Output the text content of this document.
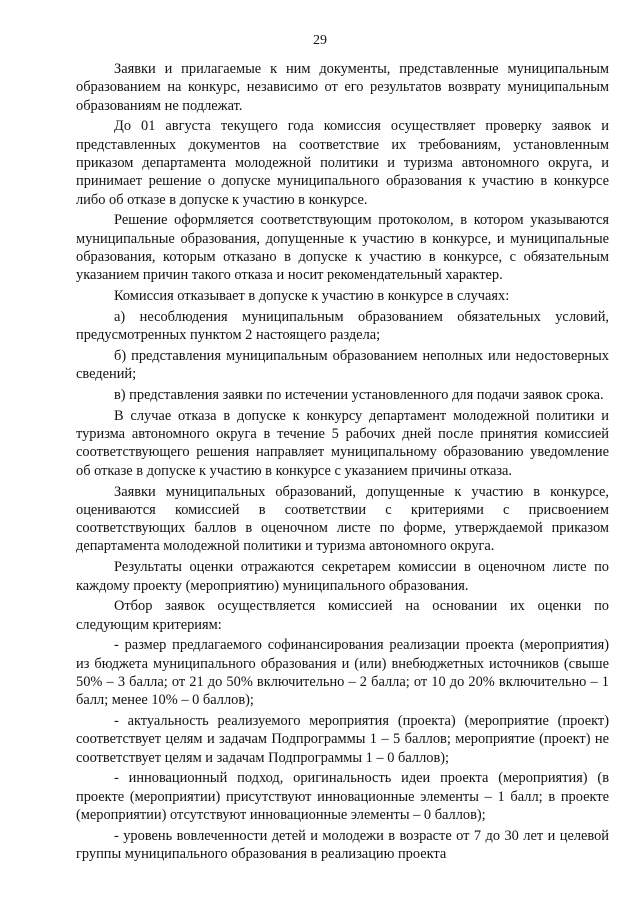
29

Заявки и прилагаемые к ним документы, представленные муниципальным образованием на конкурс, независимо от его результатов возврату муниципальным образованиям не подлежат.

До 01 августа текущего года комиссия осуществляет проверку заявок и представленных документов на соответствие их требованиям, установленным приказом департамента молодежной политики и туризма автономного округа, и принимает решение о допуске муниципального образования к участию в конкурсе либо об отказе в допуске к участию в конкурсе.

Решение оформляется соответствующим протоколом, в котором указываются муниципальные образования, допущенные к участию в конкурсе, и муниципальные образования, которым отказано в допуске к участию в конкурсе, с обязательным указанием причин такого отказа и носит рекомендательный характер.

Комиссия отказывает в допуске к участию в конкурсе в случаях:

а) несоблюдения муниципальным образованием обязательных условий, предусмотренных пунктом 2 настоящего раздела;

б) представления муниципальным образованием неполных или недостоверных сведений;

в) представления заявки по истечении установленного для подачи заявок срока.

В случае отказа в допуске к конкурсу департамент молодежной политики и туризма автономного округа в течение 5 рабочих дней после принятия комиссией соответствующего решения направляет муниципальному образованию уведомление об отказе в допуске к участию в конкурсе с указанием причины отказа.

Заявки муниципальных образований, допущенные к участию в конкурсе, оцениваются комиссией в соответствии с критериями с присвоением соответствующих баллов в оценочном листе по форме, утверждаемой приказом департамента молодежной политики и туризма автономного округа.

Результаты оценки отражаются секретарем комиссии в оценочном листе по каждому проекту (мероприятию) муниципального образования.

Отбор заявок осуществляется комиссией на основании их оценки по следующим критериям:

- размер предлагаемого софинансирования реализации проекта (мероприятия) из бюджета муниципального образования и (или) внебюджетных источников (свыше 50% – 3 балла; от 21 до 50% включительно – 2 балла; от 10 до 20% включительно – 1 балл; менее 10% – 0 баллов);

- актуальность реализуемого мероприятия (проекта) (мероприятие (проект) соответствует целям и задачам Подпрограммы 1 – 5 баллов; мероприятие (проект) не соответствует целям и задачам Подпрограммы 1 – 0 баллов);

- инновационный подход, оригинальность идеи проекта (мероприятия) (в проекте (мероприятии) присутствуют инновационные элементы – 1 балл; в проекте (мероприятии) отсутствуют инновационные элементы – 0 баллов);

- уровень вовлеченности детей и молодежи в возрасте от 7 до 30 лет и целевой группы муниципального образования в реализацию проекта
